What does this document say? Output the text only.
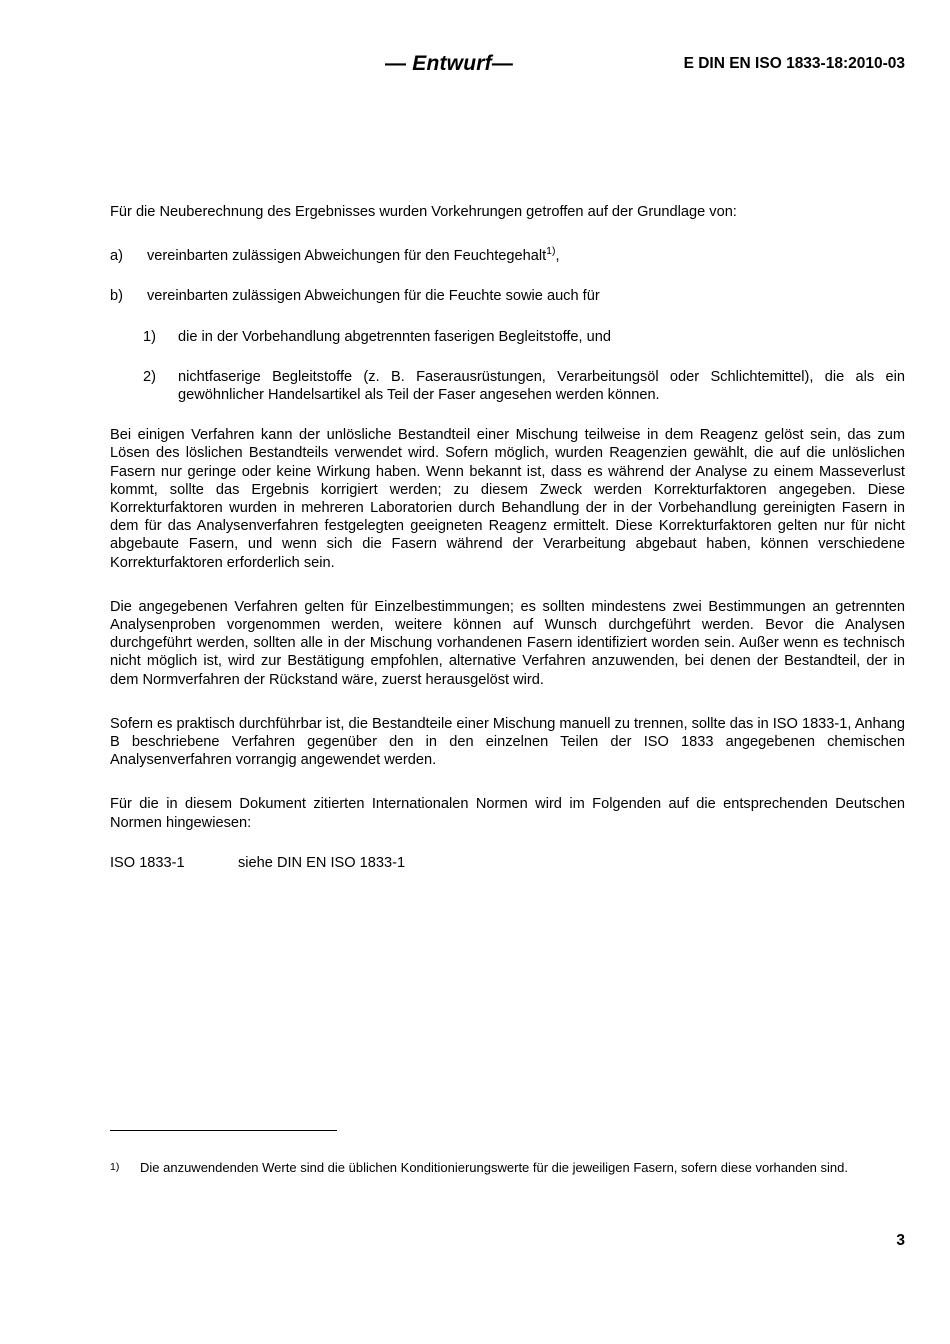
— Entwurf—	E DIN EN ISO 1833-18:2010-03

Für die Neuberechnung des Ergebnisses wurden Vorkehrungen getroffen auf der Grundlage von:

a) vereinbarten zulässigen Abweichungen für den Feuchtegehalt$^{1)}$,
b) vereinbarten zulässigen Abweichungen für die Feuchte sowie auch für
1) die in der Vorbehandlung abgetrennten faserigen Begleitstoffe, und
2) nichtfaserige Begleitstoffe (z. B. Faserausrüstungen, Verarbeitungsöl oder Schlichtemittel), die als ein gewöhnlicher Handelsartikel als Teil der Faser angesehen werden können.

Bei einigen Verfahren kann der unlösliche Bestandteil einer Mischung teilweise in dem Reagenz gelöst sein, das zum Lösen des löslichen Bestandteils verwendet wird. Sofern möglich, wurden Reagenzien gewählt, die auf die unlöslichen Fasern nur geringe oder keine Wirkung haben. Wenn bekannt ist, dass es während der Analyse zu einem Masseverlust kommt, sollte das Ergebnis korrigiert werden; zu diesem Zweck werden Korrekturfaktoren angegeben. Diese Korrekturfaktoren wurden in mehreren Laboratorien durch Behandlung der in der Vorbehandlung gereinigten Fasern in dem für das Analysenverfahren festgelegten geeigneten Reagenz ermittelt. Diese Korrekturfaktoren gelten nur für nicht abgebaute Fasern, und wenn sich die Fasern während der Verarbeitung abgebaut haben, können verschiedene Korrekturfaktoren erforderlich sein.

Die angegebenen Verfahren gelten für Einzelbestimmungen; es sollten mindestens zwei Bestimmungen an getrennten Analysenproben vorgenommen werden, weitere können auf Wunsch durchgeführt werden. Bevor die Analysen durchgeführt werden, sollten alle in der Mischung vorhandenen Fasern identifiziert worden sein. Außer wenn es technisch nicht möglich ist, wird zur Bestätigung empfohlen, alternative Verfahren anzuwenden, bei denen der Bestandteil, der in dem Normverfahren der Rückstand wäre, zuerst herausgelöst wird.

Sofern es praktisch durchführbar ist, die Bestandteile einer Mischung manuell zu trennen, sollte das in ISO 1833-1, Anhang B beschriebene Verfahren gegenüber den in den einzelnen Teilen der ISO 1833 angegebenen chemischen Analysenverfahren vorrangig angewendet werden.

Für die in diesem Dokument zitierten Internationalen Normen wird im Folgenden auf die entsprechenden Deutschen Normen hingewiesen:

ISO 1833-1	siehe DIN EN ISO 1833-1

1) Die anzuwendenden Werte sind die üblichen Konditionierungswerte für die jeweiligen Fasern, sofern diese vorhanden sind.
3
